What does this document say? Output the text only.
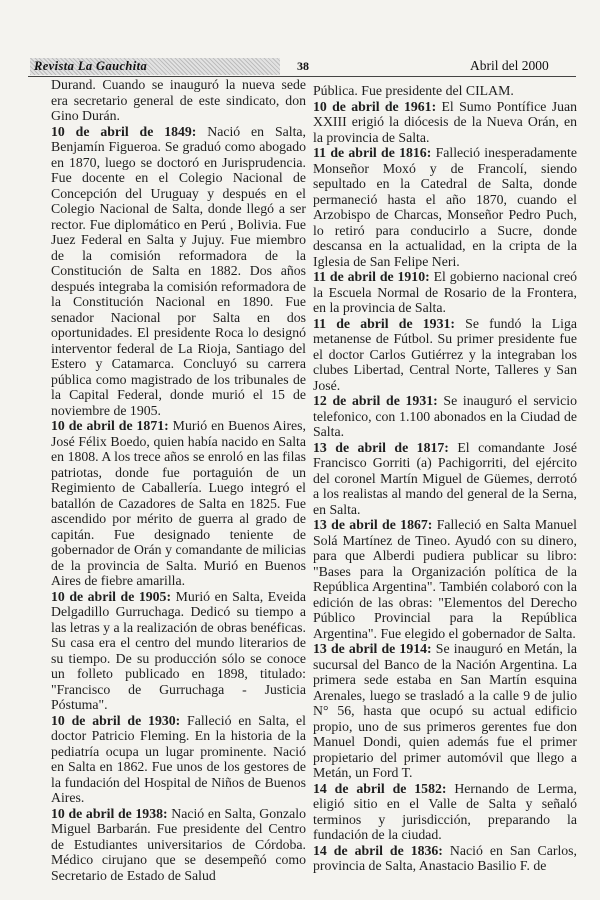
Revista La Gauchita	38	Abril del 2000

Durand. Cuando se inauguró la nueva sede era secretario general de este sindicato, don Gino Durán.

10 de abril de 1849: Nació en Salta, Benjamín Figueroa. Se graduó como abogado en 1870, luego se doctoró en Jurisprudencia. Fue docente en el Colegio Nacional de Concepción del Uruguay y después en el Colegio Nacional de Salta, donde llegó a ser rector. Fue diplomático en Perú , Bolivia. Fue Juez Federal en Salta y Jujuy. Fue miembro de la comisión reformadora de la Constitución de Salta en 1882. Dos años después integraba la comisión reformadora de la Constitución Nacional en 1890. Fue senador Nacional por Salta en dos oportunidades. El presidente Roca lo designó interventor federal de La Rioja, Santiago del Estero y Catamarca. Concluyó su carrera pública como magistrado de los tribunales de la Capital Federal, donde murió el 15 de noviembre de 1905.

10 de abril de 1871: Murió en Buenos Aires, José Félix Boedo, quien había nacido en Salta en 1808. A los trece años se enroló en las filas patriotas, donde fue portaguión de un Regimiento de Caballería. Luego integró el batallón de Cazadores de Salta en 1825. Fue ascendido por mérito de guerra al grado de capitán. Fue designado teniente de gobernador de Orán y comandante de milicias de la provincia de Salta. Murió en Buenos Aires de fiebre amarilla.

10 de abril de 1905: Murió en Salta, Eveida Delgadillo Gurruchaga. Dedicó su tiempo a las letras y a la realización de obras benéficas. Su casa era el centro del mundo literarios de su tiempo. De su producción sólo se conoce un folleto publicado en 1898, titulado: "Francisco de Gurruchaga - Justicia Póstuma".

10 de abril de 1930: Falleció en Salta, el doctor Patricio Fleming. En la historia de la pediatría ocupa un lugar prominente. Nació en Salta en 1862. Fue unos de los gestores de la fundación del Hospital de Niños de Buenos Aires.

10 de abril de 1938: Nació en Salta, Gonzalo Miguel Barbarán. Fue presidente del Centro de Estudiantes universitarios de Córdoba. Médico cirujano que se desempeñó como Secretario de Estado de Salud

Pública. Fue presidente del CILAM.

10 de abril de 1961: El Sumo Pontífice Juan XXIII erigió la diócesis de la Nueva Orán, en la provincia de Salta.

11 de abril de 1816: Falleció inesperadamente Monseñor Moxó y de Francolí, siendo sepultado en la Catedral de Salta, donde permaneció hasta el año 1870, cuando el Arzobispo de Charcas, Monseñor Pedro Puch, lo retiró para conducirlo a Sucre, donde descansa en la actualidad, en la cripta de la Iglesia de San Felipe Neri.

11 de abril de 1910: El gobierno nacional creó la Escuela Normal de Rosario de la Frontera, en la provincia de Salta.

11 de abril de 1931: Se fundó la Liga metanense de Fútbol. Su primer presidente fue el doctor Carlos Gutiérrez y la integraban los clubes Libertad, Central Norte, Talleres y San José.

12 de abril de 1931: Se inauguró el servicio telefonico, con 1.100 abonados en la Ciudad de Salta.

13 de abril de 1817: El comandante José Francisco Gorriti (a) Pachigorriti, del ejército del coronel Martín Miguel de Güemes, derrotó a los realistas al mando del general de la Serna, en Salta.

13 de abril de 1867: Falleció en Salta Manuel Solá Martínez de Tineo. Ayudó con su dinero, para que Alberdi pudiera publicar su libro: "Bases para la Organización política de la República Argentina". También colaboró con la edición de las obras: "Elementos del Derecho Público Provincial para la República Argentina". Fue elegido el gobernador de Salta.

13 de abril de 1914: Se inauguró en Metán, la sucursal del Banco de la Nación Argentina. La primera sede estaba en San Martín esquina Arenales, luego se trasladó a la calle 9 de julio N° 56, hasta que ocupó su actual edificio propio, uno de sus primeros gerentes fue don Manuel Dondi, quien además fue el primer propietario del primer automóvil que llego a Metán, un Ford T.

14 de abril de 1582: Hernando de Lerma, eligió sitio en el Valle de Salta y señaló terminos y jurisdicción, preparando la fundación de la ciudad.

14 de abril de 1836: Nació en San Carlos, provincia de Salta, Anastacio Basilio F. de
